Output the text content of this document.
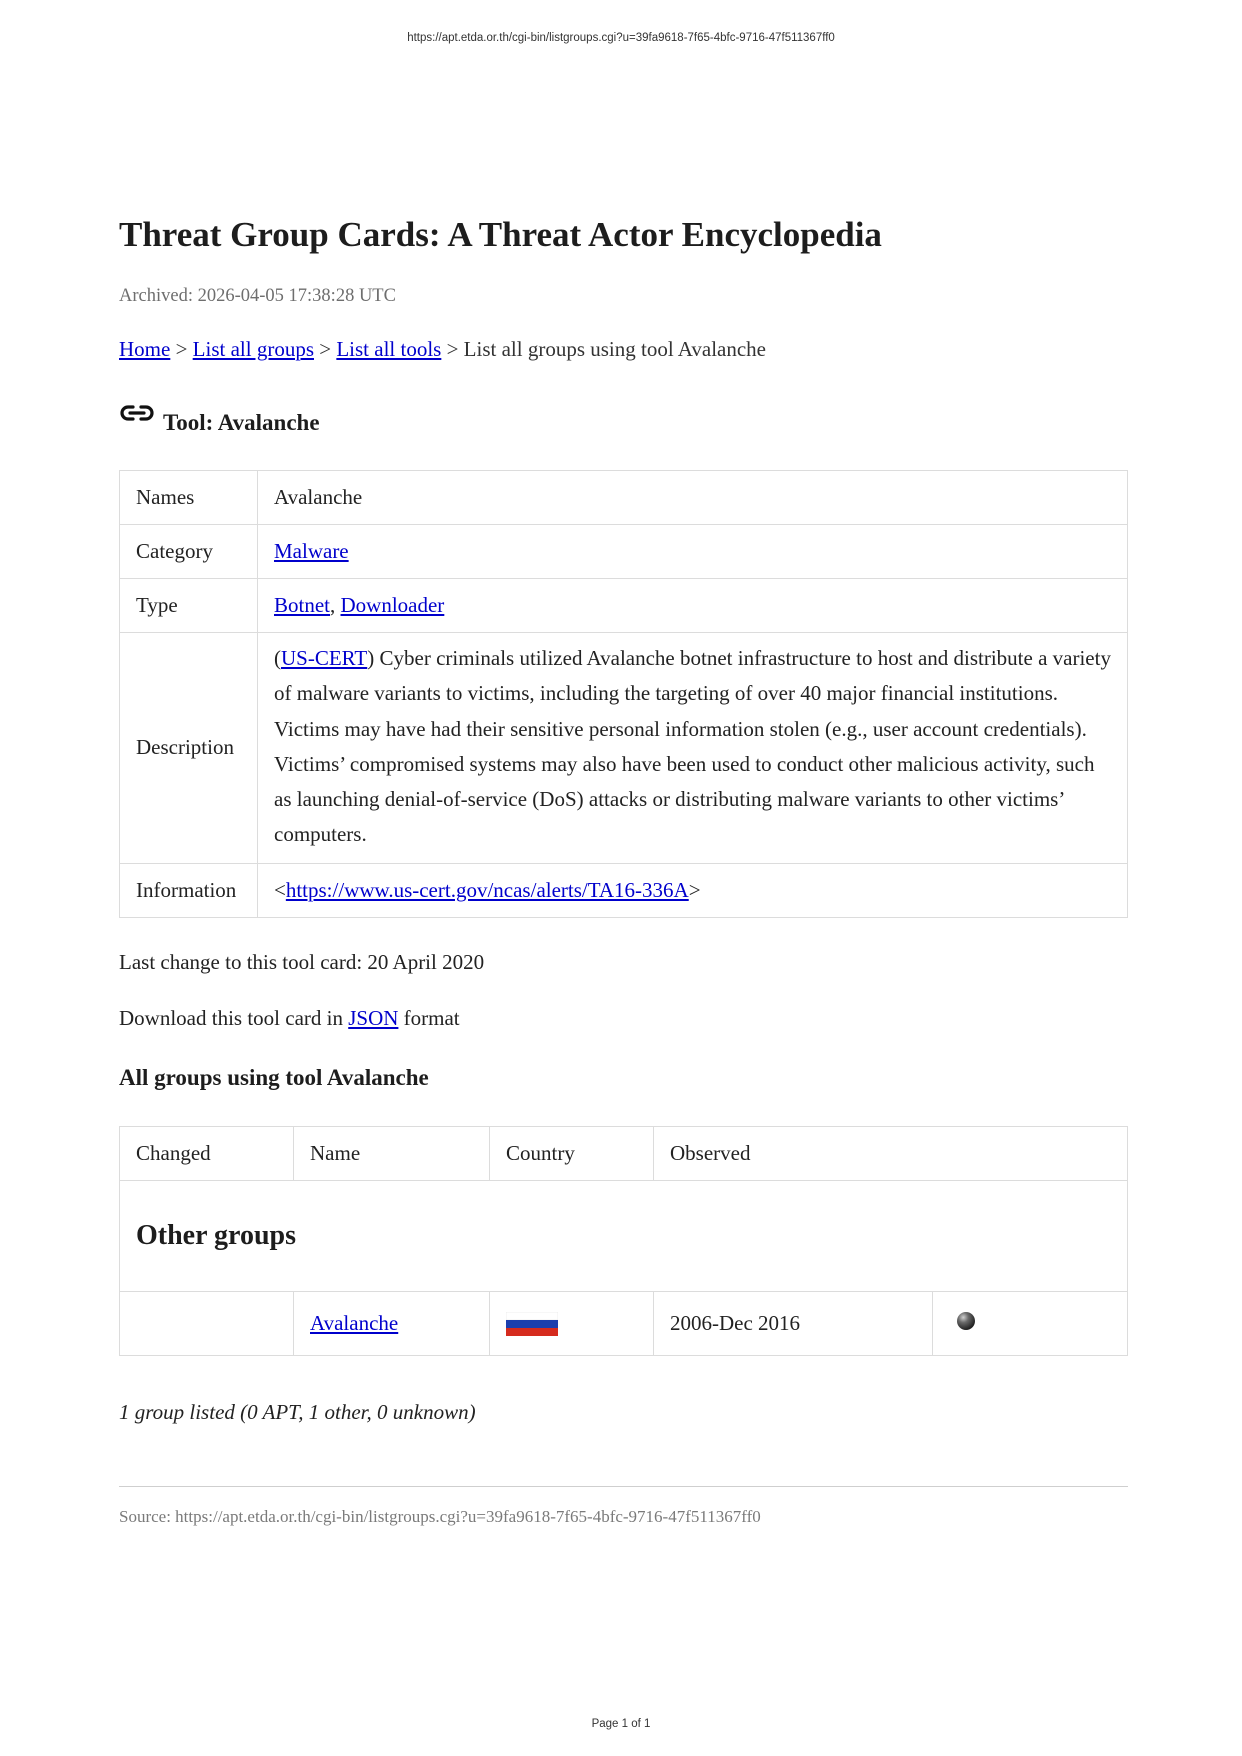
https://apt.etda.or.th/cgi-bin/listgroups.cgi?u=39fa9618-7f65-4bfc-9716-47f511367ff0
Threat Group Cards: A Threat Actor Encyclopedia
Archived: 2026-04-05 17:38:28 UTC
Home > List all groups > List all tools > List all groups using tool Avalanche
Tool: Avalanche
Names	Avalanche
Category	Malware
Type	Botnet, Downloader
Description	(US-CERT) Cyber criminals utilized Avalanche botnet infrastructure to host and distribute a variety of malware variants to victims, including the targeting of over 40 major financial institutions. Victims may have had their sensitive personal information stolen (e.g., user account credentials). Victims’ compromised systems may also have been used to conduct other malicious activity, such as launching denial-of-service (DoS) attacks or distributing malware variants to other victims’ computers.
Information	<https://www.us-cert.gov/ncas/alerts/TA16-336A>
Last change to this tool card: 20 April 2020
Download this tool card in JSON format
All groups using tool Avalanche
Changed	Name	Country	Observed	
Other groups				
	Avalanche		2006-Dec 2016	
1 group listed (0 APT, 1 other, 0 unknown)
Source: https://apt.etda.or.th/cgi-bin/listgroups.cgi?u=39fa9618-7f65-4bfc-9716-47f511367ff0
Page 1 of 1
